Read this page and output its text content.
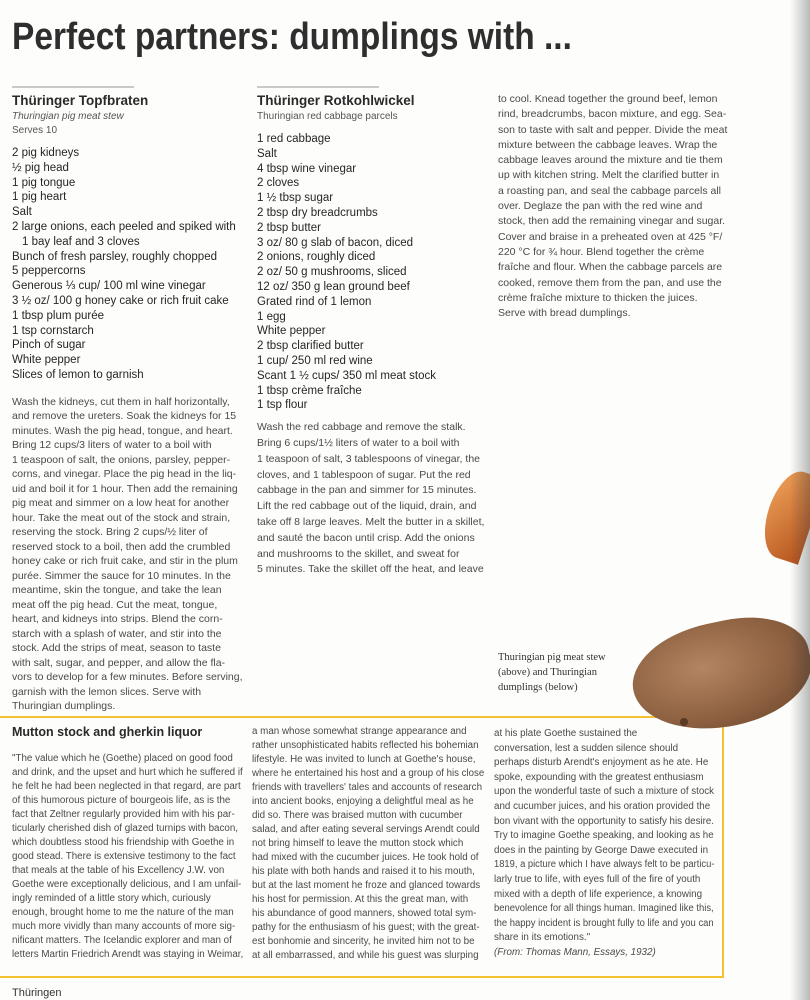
Perfect partners: dumplings with ...
Thüringer Topfbraten
Thuringian pig meat stew
Serves 10
2 pig kidneys
½ pig head
1 pig tongue
1 pig heart
Salt
2 large onions, each peeled and spiked with
1 bay leaf and 3 cloves
Bunch of fresh parsley, roughly chopped
5 peppercorns
Generous ⅓ cup/ 100 ml wine vinegar
3 ½ oz/ 100 g honey cake or rich fruit cake
1 tbsp plum purée
1 tsp cornstarch
Pinch of sugar
White pepper
Slices of lemon to garnish
Wash the kidneys, cut them in half horizontally,
and remove the ureters. Soak the kidneys for 15
minutes. Wash the pig head, tongue, and heart.
Bring 12 cups/3 liters of water to a boil with
1 teaspoon of salt, the onions, parsley, pepper-
corns, and vinegar. Place the pig head in the liq-
uid and boil it for 1 hour. Then add the remaining
pig meat and simmer on a low heat for another
hour. Take the meat out of the stock and strain,
reserving the stock. Bring 2 cups/½ liter of
reserved stock to a boil, then add the crumbled
honey cake or rich fruit cake, and stir in the plum
purée. Simmer the sauce for 10 minutes. In the
meantime, skin the tongue, and take the lean
meat off the pig head. Cut the meat, tongue,
heart, and kidneys into strips. Blend the corn-
starch with a splash of water, and stir into the
stock. Add the strips of meat, season to taste
with salt, sugar, and pepper, and allow the fla-
vors to develop for a few minutes. Before serving,
garnish with the lemon slices. Serve with
Thuringian dumplings.
Thüringer Rotkohlwickel
Thuringian red cabbage parcels
1 red cabbage
Salt
4 tbsp wine vinegar
2 cloves
1 ½ tbsp sugar
2 tbsp dry breadcrumbs
2 tbsp butter
3 oz/ 80 g slab of bacon, diced
2 onions, roughly diced
2 oz/ 50 g mushrooms, sliced
12 oz/ 350 g lean ground beef
Grated rind of 1 lemon
1 egg
White pepper
2 tbsp clarified butter
1 cup/ 250 ml red wine
Scant 1 ½ cups/ 350 ml meat stock
1 tbsp crème fraîche
1 tsp flour
Wash the red cabbage and remove the stalk.
Bring 6 cups/1½ liters of water to a boil with
1 teaspoon of salt, 3 tablespoons of vinegar, the
cloves, and 1 tablespoon of sugar. Put the red
cabbage in the pan and simmer for 15 minutes.
Lift the red cabbage out of the liquid, drain, and
take off 8 large leaves. Melt the butter in a skillet,
and sauté the bacon until crisp. Add the onions
and mushrooms to the skillet, and sweat for
5 minutes. Take the skillet off the heat, and leave
to cool. Knead together the ground beef, lemon
rind, breadcrumbs, bacon mixture, and egg. Sea-
son to taste with salt and pepper. Divide the meat
mixture between the cabbage leaves. Wrap the
cabbage leaves around the mixture and tie them
up with kitchen string. Melt the clarified butter in
a roasting pan, and seal the cabbage parcels all
over. Deglaze the pan with the red wine and
stock, then add the remaining vinegar and sugar.
Cover and braise in a preheated oven at 425 °F/
220 °C for ¾ hour. Blend together the crème
fraîche and flour. When the cabbage parcels are
cooked, remove them from the pan, and use the
crème fraîche mixture to thicken the juices.
Serve with bread dumplings.
Thuringian pig meat stew
(above) and Thuringian
dumplings (below)
Mutton stock and gherkin liquor
"The value which he (Goethe) placed on good food
and drink, and the upset and hurt which he suffered if
he felt he had been neglected in that regard, are part
of this humorous picture of bourgeois life, as is the
fact that Zeltner regularly provided him with his par-
ticularly cherished dish of glazed turnips with bacon,
which doubtless stood his friendship with Goethe in
good stead. There is extensive testimony to the fact
that meals at the table of his Excellency J.W. von
Goethe were exceptionally delicious, and I am unfail-
ingly reminded of a little story which, curiously
enough, brought home to me the nature of the man
much more vividly than many accounts of more sig-
nificant matters. The Icelandic explorer and man of
letters Martin Friedrich Arendt was staying in Weimar,
a man whose somewhat strange appearance and
rather unsophisticated habits reflected his bohemian
lifestyle. He was invited to lunch at Goethe's house,
where he entertained his host and a group of his close
friends with travellers' tales and accounts of research
into ancient books, enjoying a delightful meal as he
did so. There was braised mutton with cucumber
salad, and after eating several servings Arendt could
not bring himself to leave the mutton stock which
had mixed with the cucumber juices. He took hold of
his plate with both hands and raised it to his mouth,
but at the last moment he froze and glanced towards
his host for permission. At this the great man, with
his abundance of good manners, showed total sym-
pathy for the enthusiasm of his guest; with the great-
est bonhomie and sincerity, he invited him not to be
at all embarrassed, and while his guest was slurping
at his plate Goethe sustained the
conversation, lest a sudden silence should
perhaps disturb Arendt's enjoyment as he ate. He
spoke, expounding with the greatest enthusiasm
upon the wonderful taste of such a mixture of stock
and cucumber juices, and his oration provided the
bon vivant with the opportunity to satisfy his desire.
Try to imagine Goethe speaking, and looking as he
does in the painting by George Dawe executed in
1819, a picture which I have always felt to be particu-
larly true to life, with eyes full of the fire of youth
mixed with a depth of life experience, a knowing
benevolence for all things human. Imagined like this,
the happy incident is brought fully to life and you can
share in its emotions."
(From: Thomas Mann, Essays, 1932)
Thüringen
